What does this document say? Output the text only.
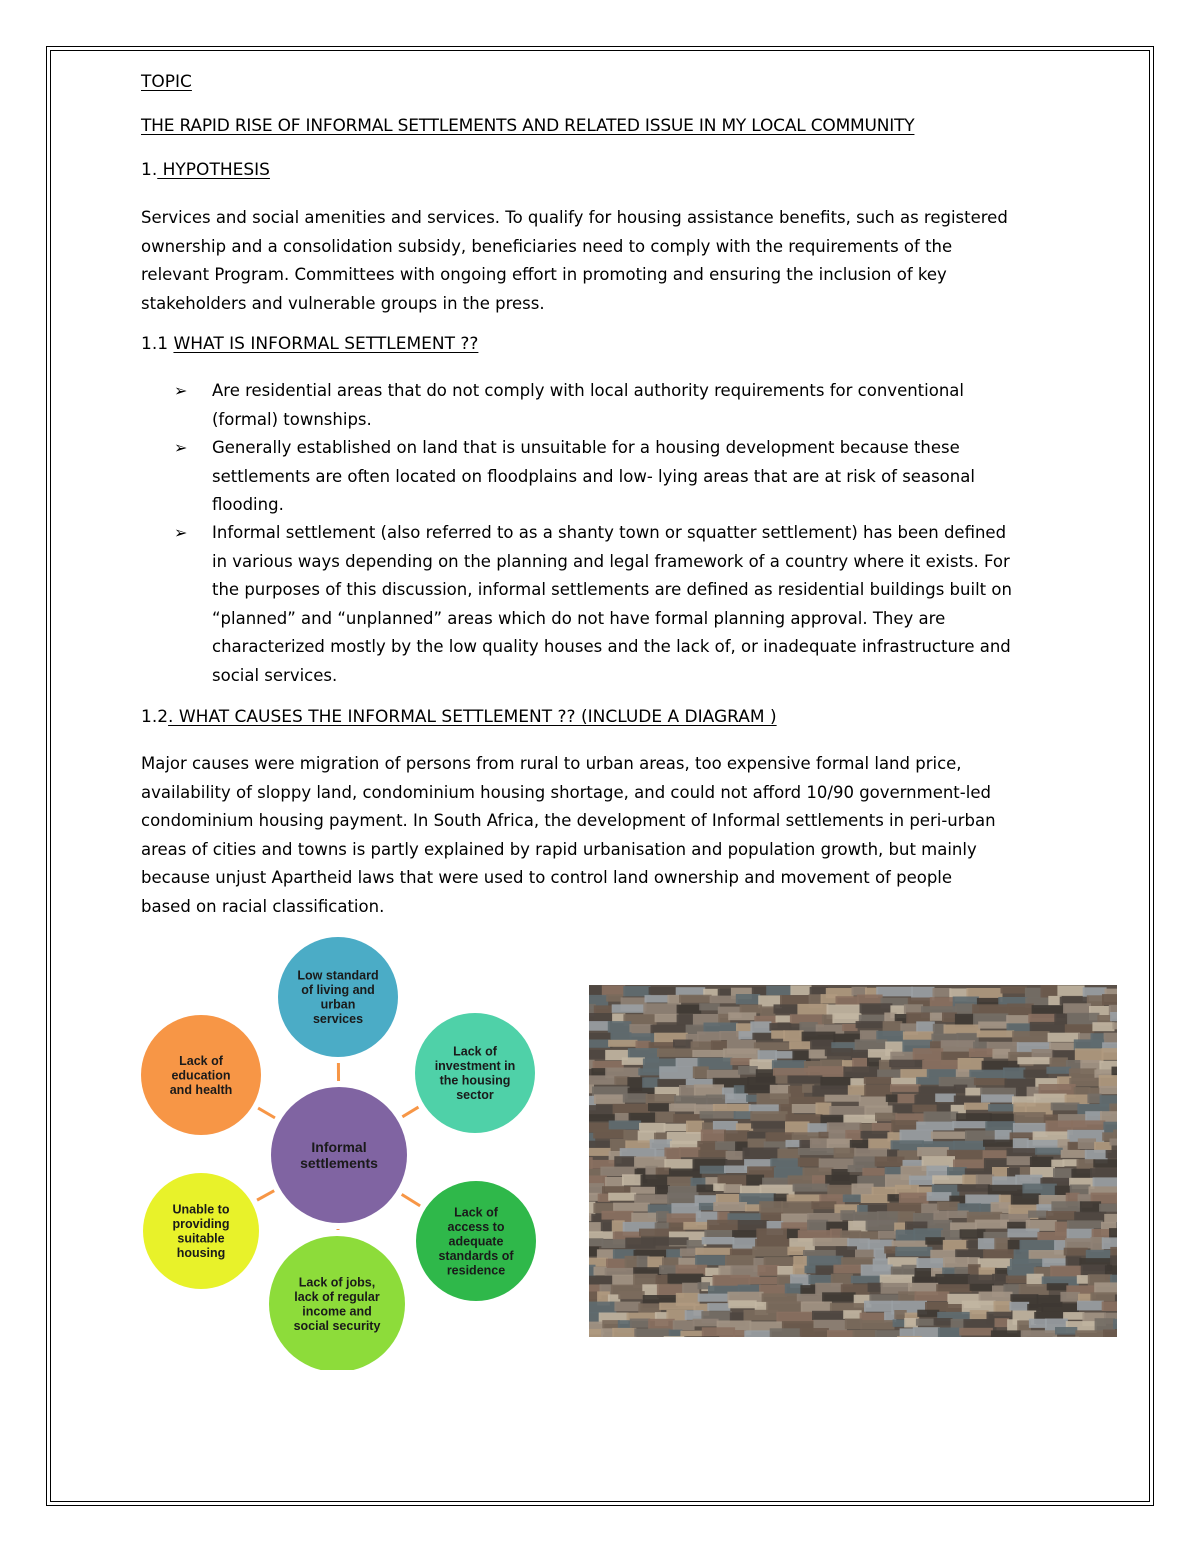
TOPIC
THE RAPID RISE OF INFORMAL SETTLEMENTS AND RELATED ISSUE IN MY LOCAL COMMUNITY
1. HYPOTHESIS
Services and social amenities and services. To qualify for housing assistance benefits, such as registered
ownership and a consolidation subsidy, beneficiaries need to comply with the requirements of the
relevant Program. Committees with ongoing effort in promoting and ensuring the inclusion of key
stakeholders and vulnerable groups in the press.
1.1 WHAT IS INFORMAL SETTLEMENT ??
➢ Are residential areas that do not comply with local authority requirements for conventional
(formal) townships.
➢ Generally established on land that is unsuitable for a housing development because these
settlements are often located on floodplains and low- lying areas that are at risk of seasonal
flooding.
➢ Informal settlement (also referred to as a shanty town or squatter settlement) has been defined
in various ways depending on the planning and legal framework of a country where it exists. For
the purposes of this discussion, informal settlements are defined as residential buildings built on
“planned” and “unplanned” areas which do not have formal planning approval. They are
characterized mostly by the low quality houses and the lack of, or inadequate infrastructure and
social services.
1.2. WHAT CAUSES THE INFORMAL SETTLEMENT ?? (INCLUDE A DIAGRAM )
Major causes were migration of persons from rural to urban areas, too expensive formal land price,
availability of sloppy land, condominium housing shortage, and could not afford 10/90 government-led
condominium housing payment. In South Africa, the development of Informal settlements in peri-urban
areas of cities and towns is partly explained by rapid urbanisation and population growth, but mainly
because unjust Apartheid laws that were used to control land ownership and movement of people
based on racial classification.
Low standard
of living and
urban
services
Lack of
investment in
the housing
sector
Lack of
access to
adequate
standards of
residence
Lack of jobs,
lack of regular
income and
social security
Unable to
providing
suitable
housing
Lack of
education
and health
Informal
settlements
